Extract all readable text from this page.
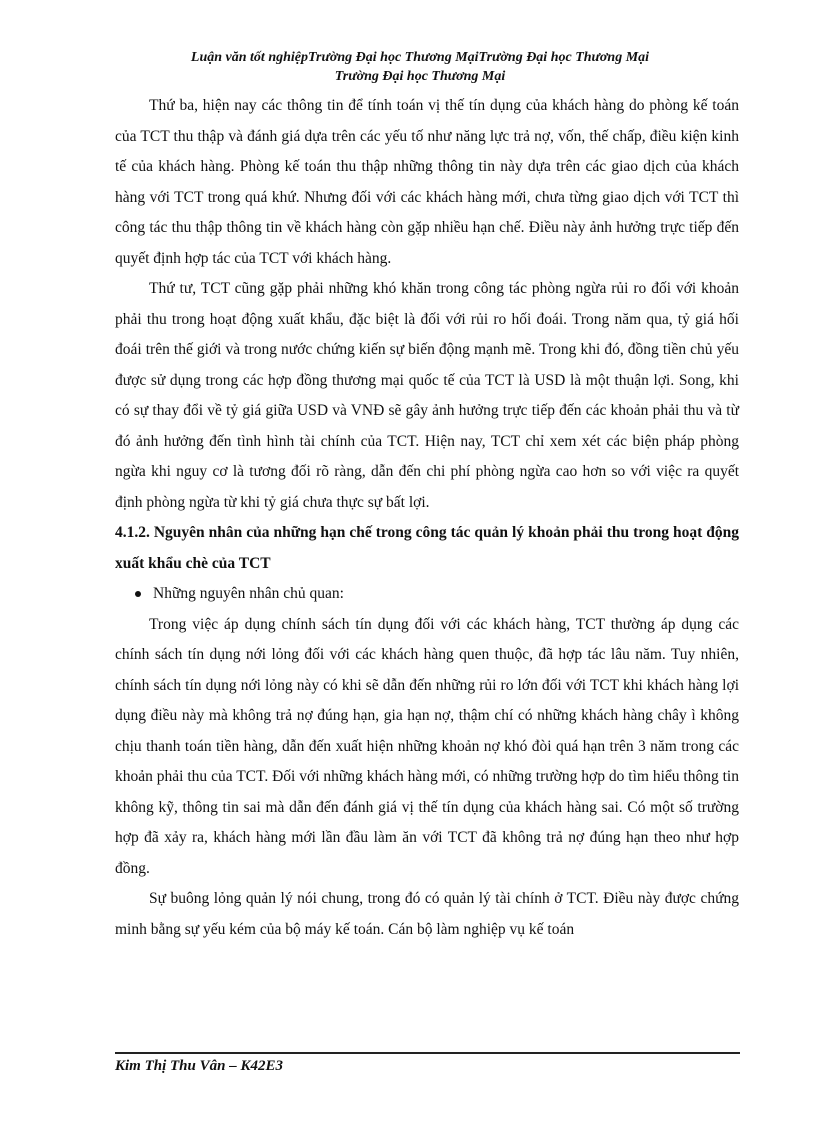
Luận văn tốt nghiệpTrường Đại học Thương MạiTrường Đại học Thương Mại
Trường Đại học Thương Mại

Thứ ba, hiện nay các thông tin để tính toán vị thế tín dụng của khách hàng do phòng kế toán của TCT thu thập và đánh giá dựa trên các yếu tố như năng lực trả nợ, vốn, thế chấp, điều kiện kinh tế của khách hàng. Phòng kế toán thu thập những thông tin này dựa trên các giao dịch của khách hàng với TCT trong quá khứ. Nhưng đối với các khách hàng mới, chưa từng giao dịch với TCT thì công tác thu thập thông tin về khách hàng còn gặp nhiều hạn chế. Điều này ảnh hưởng trực tiếp đến quyết định hợp tác của TCT với khách hàng.

Thứ tư, TCT cũng gặp phải những khó khăn trong công tác phòng ngừa rủi ro đối với khoản phải thu trong hoạt động xuất khẩu, đặc biệt là đối với rủi ro hối đoái. Trong năm qua, tỷ giá hối đoái trên thế giới và trong nước chứng kiến sự biến động mạnh mẽ. Trong khi đó, đồng tiền chủ yếu được sử dụng trong các hợp đồng thương mại quốc tế của TCT là USD là một thuận lợi. Song, khi có sự thay đổi về tỷ giá giữa USD và VNĐ sẽ gây ảnh hưởng trực tiếp đến các khoản phải thu và từ đó ảnh hưởng đến tình hình tài chính của TCT. Hiện nay, TCT chỉ xem xét các biện pháp phòng ngừa khi nguy cơ là tương đối rõ ràng, dẫn đến chi phí phòng ngừa cao hơn so với việc ra quyết định phòng ngừa từ khi tỷ giá chưa thực sự bất lợi.

4.1.2. Nguyên nhân của những hạn chế trong công tác quản lý khoản phải thu trong hoạt động xuất khẩu chè của TCT
Những nguyên nhân chủ quan:

Trong việc áp dụng chính sách tín dụng đối với các khách hàng, TCT thường áp dụng các chính sách tín dụng nới lỏng đối với các khách hàng quen thuộc, đã hợp tác lâu năm. Tuy nhiên, chính sách tín dụng nới lỏng này có khi sẽ dẫn đến những rủi ro lớn đối với TCT khi khách hàng lợi dụng điều này mà không trả nợ đúng hạn, gia hạn nợ, thậm chí có những khách hàng chây ì không chịu thanh toán tiền hàng, dẫn đến xuất hiện những khoản nợ khó đòi quá hạn trên 3 năm trong các khoản phải thu của TCT. Đối với những khách hàng mới, có những trường hợp do tìm hiểu thông tin không kỹ, thông tin sai mà dẫn đến đánh giá vị thế tín dụng của khách hàng sai. Có một số trường hợp đã xảy ra, khách hàng mới lần đầu làm ăn với TCT đã không trả nợ đúng hạn theo như hợp đồng.

Sự buông lỏng quản lý nói chung, trong đó có quản lý tài chính ở TCT. Điều này được chứng minh bằng sự yếu kém của bộ máy kế toán. Cán bộ làm nghiệp vụ kế toán

Kim Thị Thu Vân – K42E3
